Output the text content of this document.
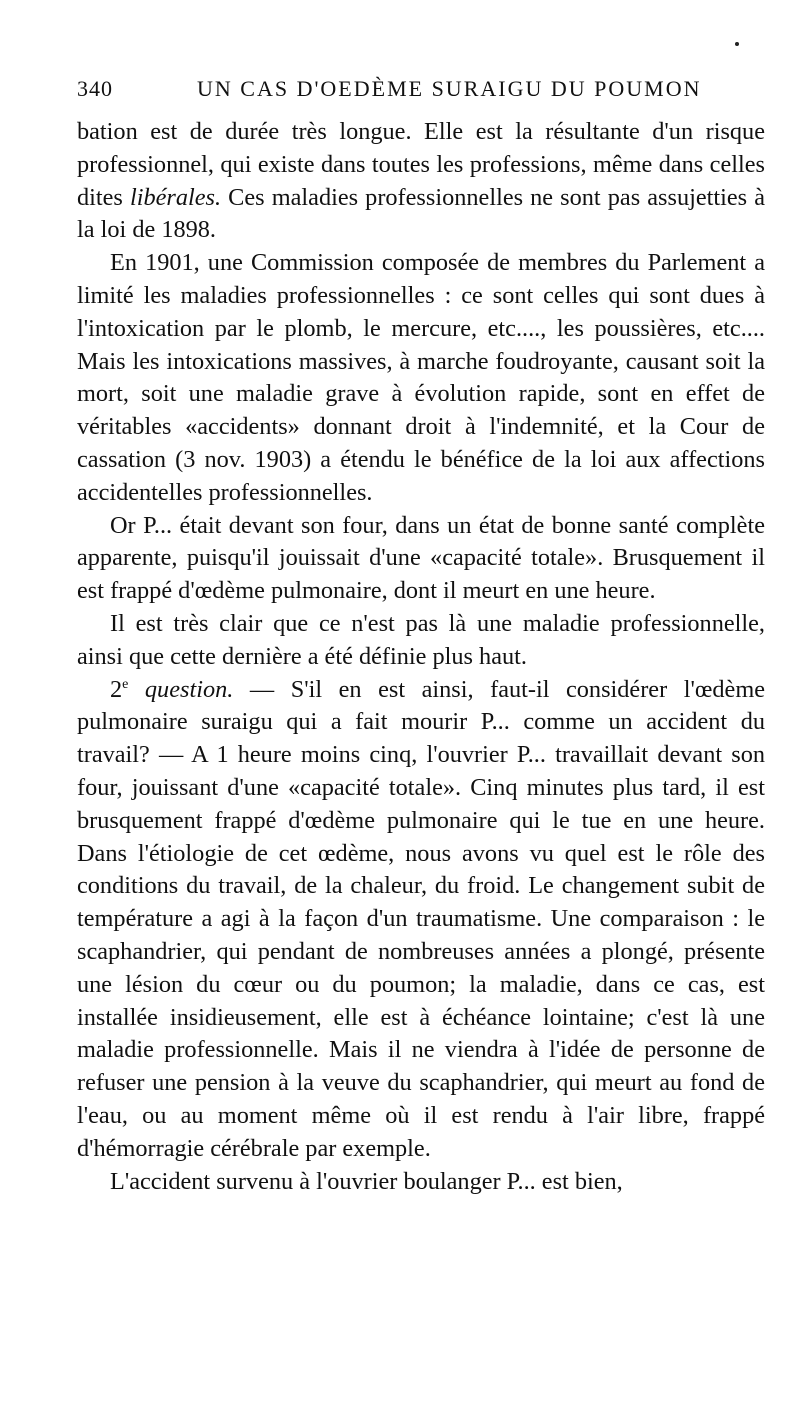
340	UN CAS D'OEDÈME SURAIGU DU POUMON

bation est de durée très longue. Elle est la résultante d'un risque professionnel, qui existe dans toutes les professions, même dans celles dites libérales. Ces maladies professionnelles ne sont pas assujetties à la loi de 1898.

En 1901, une Commission composée de membres du Parlement a limité les maladies professionnelles : ce sont celles qui sont dues à l'intoxication par le plomb, le mercure, etc...., les poussières, etc.... Mais les intoxications massives, à marche foudroyante, causant soit la mort, soit une maladie grave à évolution rapide, sont en effet de véritables «accidents» donnant droit à l'indemnité, et la Cour de cassation (3 nov. 1903) a étendu le bénéfice de la loi aux affections accidentelles professionnelles.

Or P... était devant son four, dans un état de bonne santé complète apparente, puisqu'il jouissait d'une «capacité totale». Brusquement il est frappé d'œdème pulmonaire, dont il meurt en une heure.

Il est très clair que ce n'est pas là une maladie professionnelle, ainsi que cette dernière a été définie plus haut.

2e question. — S'il en est ainsi, faut-il considérer l'œdème pulmonaire suraigu qui a fait mourir P... comme un accident du travail? — A 1 heure moins cinq, l'ouvrier P... travaillait devant son four, jouissant d'une «capacité totale». Cinq minutes plus tard, il est brusquement frappé d'œdème pulmonaire qui le tue en une heure. Dans l'étiologie de cet œdème, nous avons vu quel est le rôle des conditions du travail, de la chaleur, du froid. Le changement subit de température a agi à la façon d'un traumatisme. Une comparaison : le scaphandrier, qui pendant de nombreuses années a plongé, présente une lésion du cœur ou du poumon; la maladie, dans ce cas, est installée insidieusement, elle est à échéance lointaine; c'est là une maladie professionnelle. Mais il ne viendra à l'idée de personne de refuser une pension à la veuve du scaphandrier, qui meurt au fond de l'eau, ou au moment même où il est rendu à l'air libre, frappé d'hémorragie cérébrale par exemple.

L'accident survenu à l'ouvrier boulanger P... est bien,
